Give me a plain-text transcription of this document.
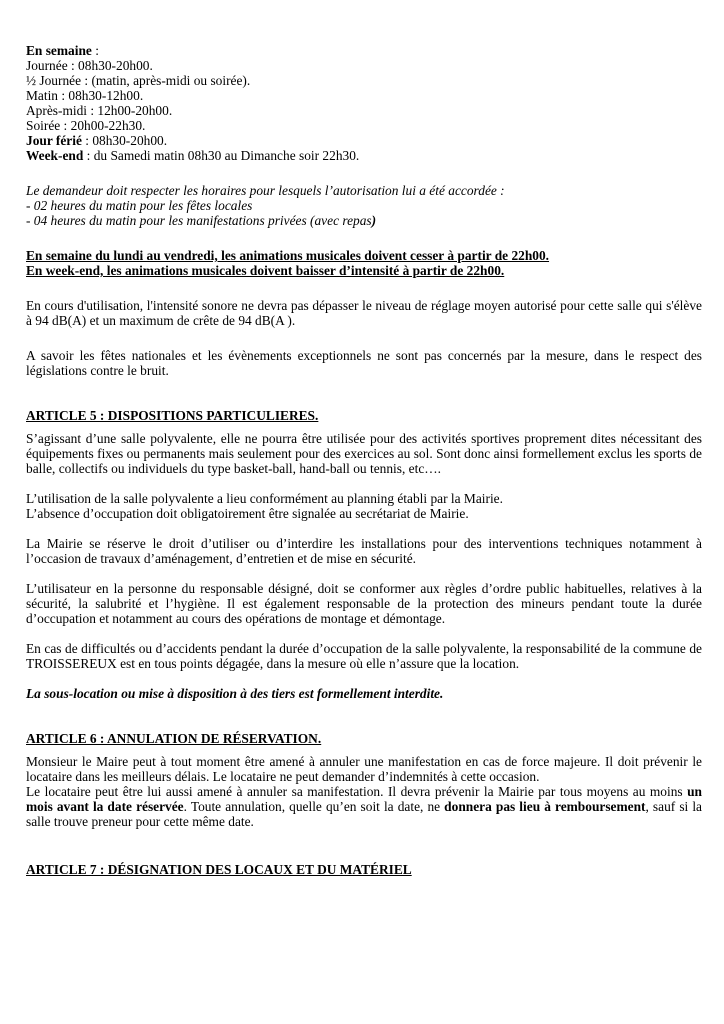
En semaine :
Journée : 08h30-20h00.
½ Journée : (matin, après-midi ou soirée).
Matin : 08h30-12h00.
Après-midi : 12h00-20h00.
Soirée : 20h00-22h30.
Jour férié : 08h30-20h00.
Week-end : du Samedi matin 08h30 au Dimanche soir 22h30.
Le demandeur doit respecter les horaires pour lesquels l’autorisation lui a été accordée :
- 02 heures du matin pour les fêtes locales
- 04 heures du matin pour les manifestations privées (avec repas)
En semaine du lundi au vendredi, les animations musicales doivent cesser à partir de 22h00.
En week-end, les animations musicales doivent baisser d’intensité à partir de 22h00.

En cours d'utilisation, l'intensité sonore ne devra pas dépasser le niveau de réglage moyen autorisé pour cette salle qui s'élève à 94 dB(A) et un maximum de crête de 94 dB(A ).

A savoir les fêtes nationales et les évènements exceptionnels ne sont pas concernés par la mesure, dans le respect des législations contre le bruit.

ARTICLE 5 : DISPOSITIONS PARTICULIERES.

S’agissant d’une salle polyvalente, elle ne pourra être utilisée pour des activités sportives proprement dites nécessitant des équipements fixes ou permanents mais seulement pour des exercices au sol. Sont donc ainsi formellement exclus les sports de balle, collectifs ou individuels du type basket-ball, hand-ball ou tennis, etc….

L’utilisation de la salle polyvalente a lieu conformément au planning établi par la Mairie.
L’absence d’occupation doit obligatoirement être signalée au secrétariat de Mairie.

La Mairie se réserve le droit d’utiliser ou d’interdire les installations pour des interventions techniques notamment à l’occasion de travaux d’aménagement, d’entretien et de mise en sécurité.

L’utilisateur en la personne du responsable désigné, doit se conformer aux règles d’ordre public habituelles, relatives à la sécurité, la salubrité et l’hygiène. Il est également responsable de la protection des mineurs pendant toute la durée d’occupation et notamment au cours des opérations de montage et démontage.

En cas de difficultés ou d’accidents pendant la durée d’occupation de la salle polyvalente, la responsabilité de la commune de TROISSEREUX est en tous points dégagée, dans la mesure où elle n’assure que la location.

La sous-location ou mise à disposition à des tiers est formellement interdite.
ARTICLE 6 : ANNULATION DE RÉSERVATION.

Monsieur le Maire peut à tout moment être amené à annuler une manifestation en cas de force majeure. Il doit prévenir le locataire dans les meilleurs délais. Le locataire ne peut demander d’indemnités à cette occasion.

Le locataire peut être lui aussi amené à annuler sa manifestation. Il devra prévenir la Mairie par tous moyens au moins un mois avant la date réservée. Toute annulation, quelle qu’en soit la date, ne donnera pas lieu à remboursement, sauf si la salle trouve preneur pour cette même date.

ARTICLE 7 : DÉSIGNATION DES LOCAUX ET DU MATÉRIEL
